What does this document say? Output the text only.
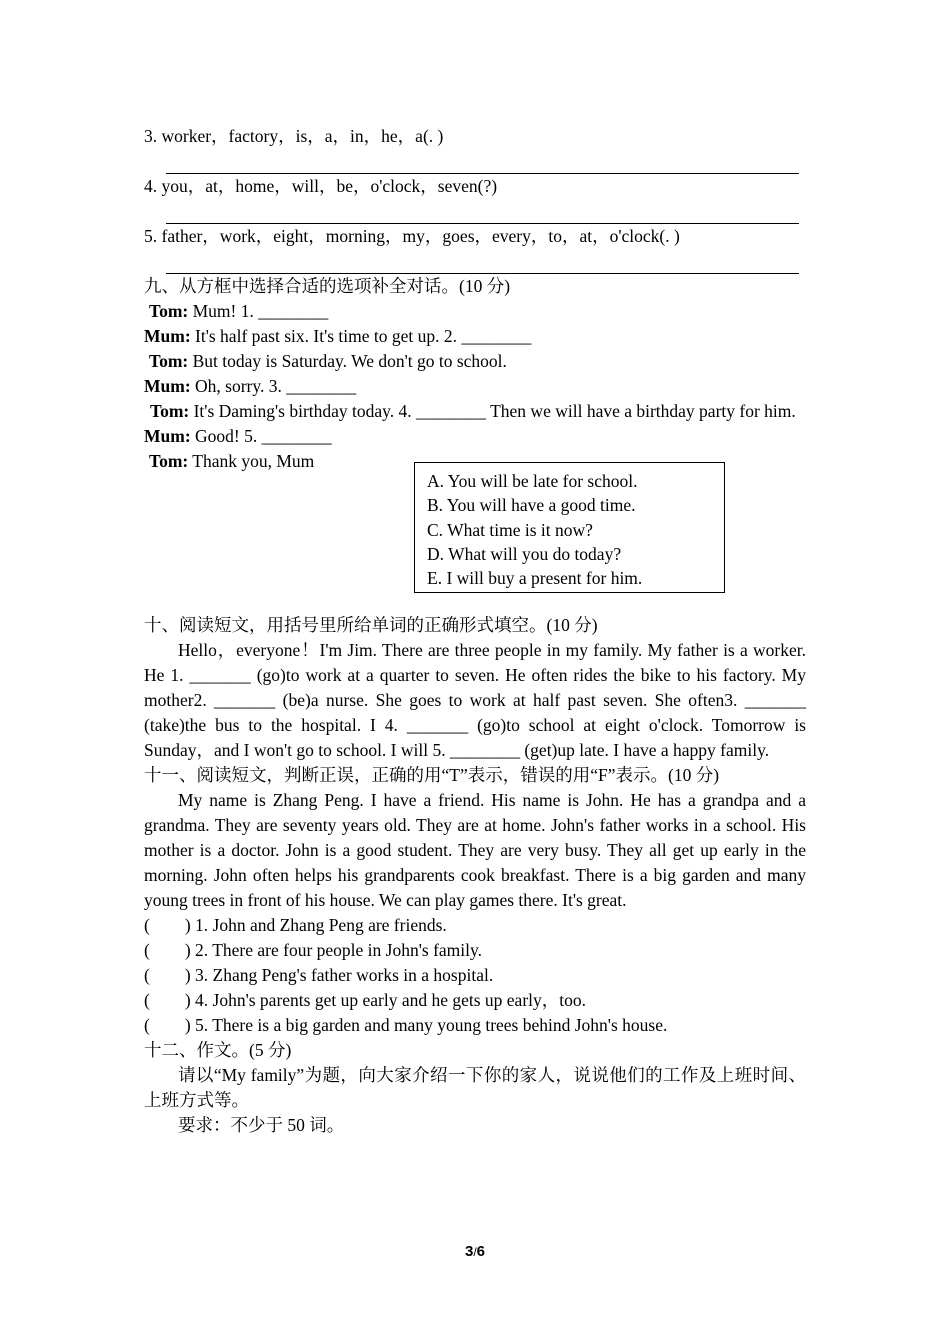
3. worker，factory，is，a，in，he，a(. )
4. you，at，home，will，be，o'clock，seven(?)
5. father，work，eight，morning，my，goes，every，to，at，o'clock(. )
九、从方框中选择合适的选项补全对话。(10 分)
Tom: Mum! 1. ________
Mum: It's half past six. It's time to get up. 2. ________
Tom: But today is Saturday. We don't go to school.
Mum: Oh, sorry. 3. ________
Tom: It's Daming's birthday today. 4. ________ Then we will have a birthday party for him.
Mum: Good! 5. ________
Tom: Thank you, Mum
十、阅读短文，用括号里所给单词的正确形式填空。(10 分)
Hello，everyone！I'm Jim. There are three people in my family. My father is a worker. He 1. _______ (go)to work at a quarter to seven. He often rides the bike to his factory. My mother2. _______ (be)a nurse. She goes to work at half past seven. She often3. _______ (take)the bus to the hospital. I 4. _______ (go)to school at eight o'clock. Tomorrow is Sunday，and I won't go to school. I will 5. ________ (get)up late. I have a happy family.
十一、阅读短文，判断正误，正确的用“T”表示，错误的用“F”表示。(10 分)
My name is Zhang Peng. I have a friend. His name is John. He has a grandpa and a grandma. They are seventy years old. They are at home. John's father works in a school. His mother is a doctor. John is a good student. They are very busy. They all get up early in the morning. John often helps his grandparents cook breakfast. There is a big garden and many young trees in front of his house. We can play games there. It's great.
(        ) 1. John and Zhang Peng are friends.
(        ) 2. There are four people in John's family.
(        ) 3. Zhang Peng's father works in a hospital.
(        ) 4. John's parents get up early and he gets up early，too.
(        ) 5. There is a big garden and many young trees behind John's house.
十二、作文。(5 分)
请以“My family”为题，向大家介绍一下你的家人，说说他们的工作及上班时间、上班方式等。
要求：不少于 50 词。
A. You will be late for school.
B. You will have a good time.
C. What time is it now?
D. What will you do today?
E. I will buy a present for him.
3/6
